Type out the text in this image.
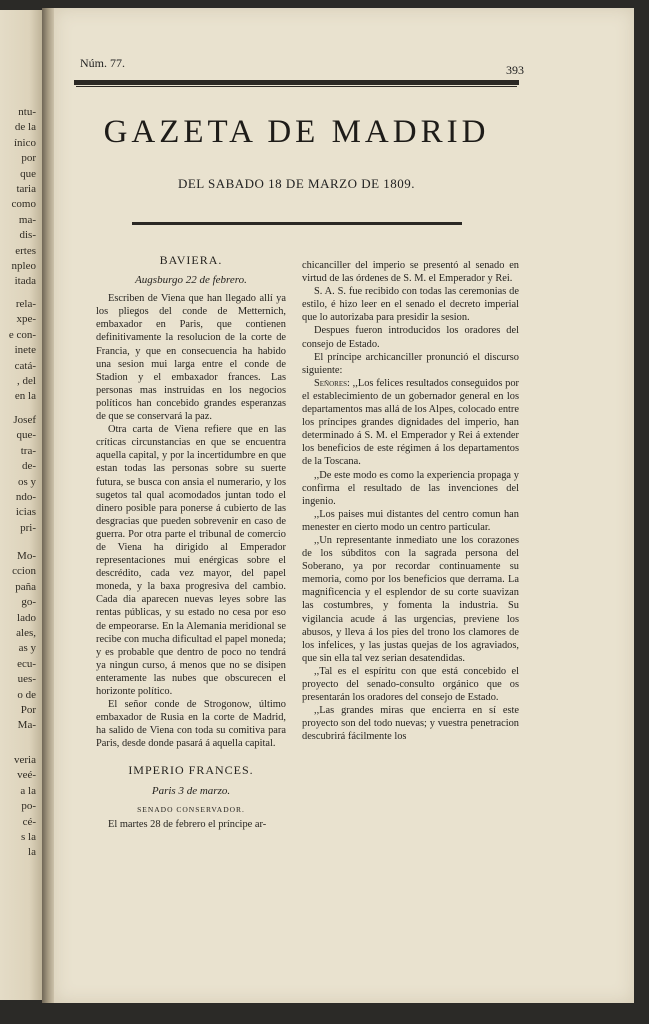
ntu-
de la
ínico
por
que
taria
como
ma-
dis-
ertes
npleo
itada
rela-
xpe-
e con-
inete
catá-
, del
en la
Josef
que-
tra-
de-
os y
ndo-
icias
pri-
Mo-
ccion
paña
go-
lado
ales,
as y
ecu-
ues-
o de
Por
Ma-
veria
veé-
a la
po-
cé-
s la
la
Núm. 77.	393
GAZETA DE MADRID
DEL SABADO 18 DE MARZO DE 1809.
BAVIERA.
Augsburgo 22 de febrero.

Escriben de Viena que han llegado allí ya los pliegos del conde de Metternich, embaxador en Paris, que contienen definitivamente la resolucion de la corte de Francia, y que en consecuencia ha habido una sesion mui larga entre el conde de Stadion y el embaxador frances. Las personas mas instruidas en los negocios políticos han concebido grandes esperanzas de que se conservará la paz.

Otra carta de Viena refiere que en las críticas circunstancias en que se encuentra aquella capital, y por la incertidumbre en que estan todas las personas sobre su suerte futura, se busca con ansia el numerario, y los sugetos tal qual acomodados juntan todo el dinero posible para ponerse á cubierto de las desgracias que pueden sobrevenir en caso de guerra. Por otra parte el tribunal de comercio de Viena ha dirigido al Emperador representaciones mui enérgicas sobre el descrédito, cada vez mayor, del papel moneda, y la baxa progresiva del cambio. Cada dia aparecen nuevas leyes sobre las rentas públicas, y su estado no cesa por eso de empeorarse. En la Alemania meridional se recibe con mucha dificultad el papel moneda; y es probable que dentro de poco no tendrá ya ningun curso, á menos que no se disipen enteramente las nubes que obscurecen el horizonte político.

El señor conde de Strogonow, último embaxador de Rusia en la corte de Madrid, ha salido de Viena con toda su comitiva para Paris, desde donde pasará á aquella capital.

IMPERIO FRANCES.
Paris 3 de marzo.
SENADO CONSERVADOR.

El martes 28 de febrero el príncipe ar-

chicanciller del imperio se presentó al senado en virtud de las órdenes de S. M. el Emperador y Rei.

S. A. S. fue recibido con todas las ceremonias de estilo, é hizo leer en el senado el decreto imperial que lo autorizaba para presidir la sesion.

Despues fueron introducidos los oradores del consejo de Estado.

El príncipe archicanciller pronunció el discurso siguiente:

Señores: ,,Los felices resultados conseguidos por el establecimiento de un gobernador general en los departamentos mas allá de los Alpes, colocado entre los príncipes grandes dignidades del imperio, han determinado á S. M. el Emperador y Rei á extender los beneficios de este régimen á los departamentos de la Toscana.

,,De este modo es como la experiencia propaga y confirma el resultado de las invenciones del ingenio.

,,Los paises mui distantes del centro comun han menester en cierto modo un centro particular.

,,Un representante inmediato une los corazones de los súbditos con la sagrada persona del Soberano, ya por recordar continuamente su memoria, como por los beneficios que derrama. La magnificencia y el esplendor de su corte suavizan las costumbres, y fomenta la industria. Su vigilancia acude á las urgencias, previene los abusos, y lleva á los pies del trono los clamores de los infelices, y las justas quejas de los agraviados, que sin ella tal vez serian desatendidas.

,,Tal es el espíritu con que está concebido el proyecto del senado-consulto orgánico que os presentarán los oradores del consejo de Estado.

,,Las grandes miras que encierra en sí este proyecto son del todo nuevas; y vuestra penetracion descubrirá fácilmente los
